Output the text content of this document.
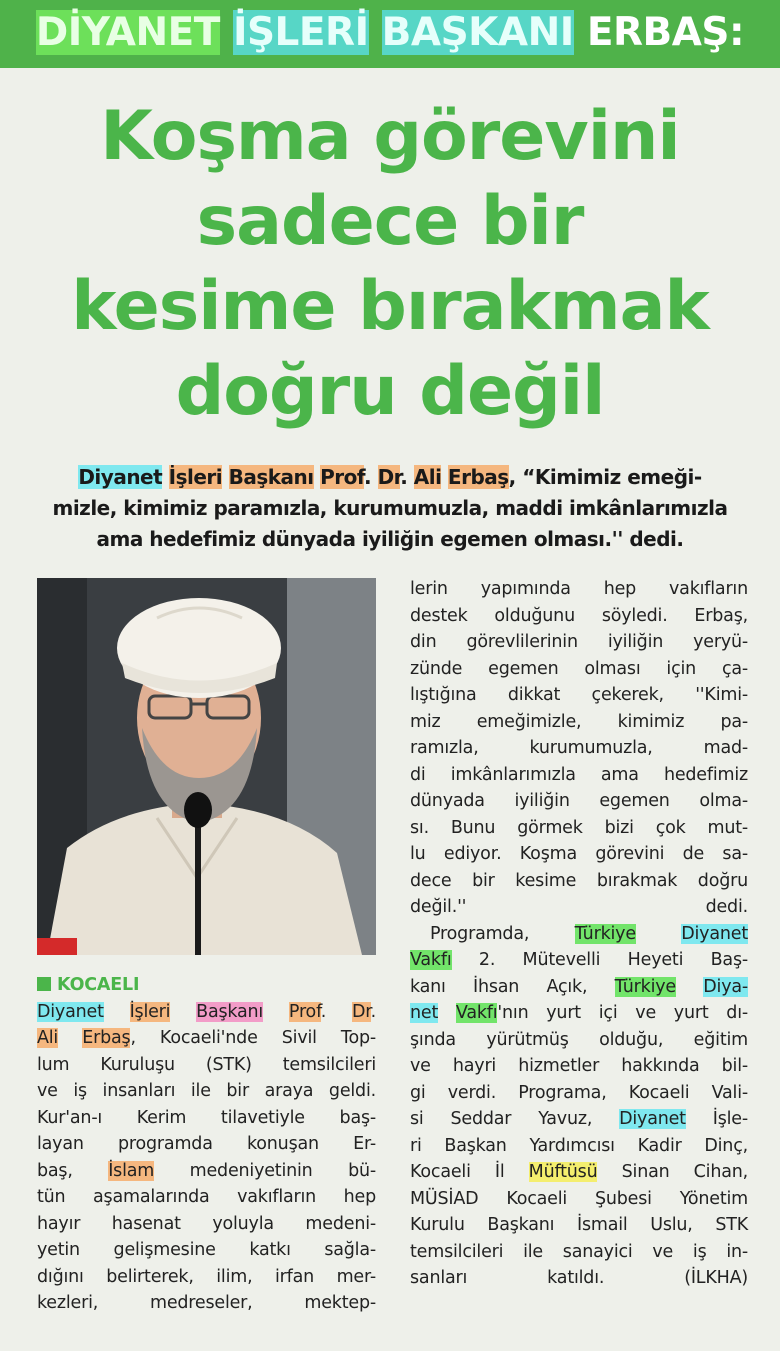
DİYANET İŞLERİ BAŞKANI ERBAŞ:
Koşma görevini
sadece bir
kesime bırakmak
doğru değil
Diyanet İşleri Başkanı Prof. Dr. Ali Erbaş, “Kimimiz emeği-
mizle, kimimiz paramızla, kurumumuzla, maddi imkânlarımızla
ama hedefimiz dünyada iyiliğin egemen olması.'' dedi.
KOCAELI
Diyanet İşleri Başkanı Prof. Dr.
Ali Erbaş, Kocaeli'nde Sivil Top-
lum Kuruluşu (STK) temsilcileri
ve iş insanları ile bir araya geldi.
Kur'an-ı Kerim tilavetiyle baş-
layan programda konuşan Er-
baş, İslam medeniyetinin bü-
tün aşamalarında vakıfların hep
hayır hasenat yoluyla medeni-
yetin gelişmesine katkı sağla-
dığını belirterek, ilim, irfan mer-
kezleri, medreseler, mektep-
lerin yapımında hep vakıfların
destek olduğunu söyledi. Erbaş,
din görevlilerinin iyiliğin yeryü-
zünde egemen olması için ça-
lıştığına dikkat çekerek, ''Kimi-
miz emeğimizle, kimimiz pa-
ramızla, kurumumuzla, mad-
di imkânlarımızla ama hedefimiz
dünyada iyiliğin egemen olma-
sı. Bunu görmek bizi çok mut-
lu ediyor. Koşma görevini de sa-
dece bir kesime bırakmak doğru
değil.'' dedi.
Programda, Türkiye	Diyanet
Vakfı 2. Mütevelli Heyeti Baş-
kanı İhsan Açık, Türkiye Diya-
net Vakfı'nın yurt içi ve yurt dı-
şında yürütmüş olduğu, eğitim
ve hayri hizmetler hakkında bil-
gi verdi. Programa, Kocaeli Vali-
si Seddar Yavuz, Diyanet İşle-
ri Başkan Yardımcısı Kadir Dinç,
Kocaeli İl Müftüsü Sinan Cihan,
MÜSİAD Kocaeli Şubesi Yönetim
Kurulu Başkanı İsmail Uslu, STK
temsilcileri ile sanayici ve iş in-
sanları katıldı. (İLKHA)
